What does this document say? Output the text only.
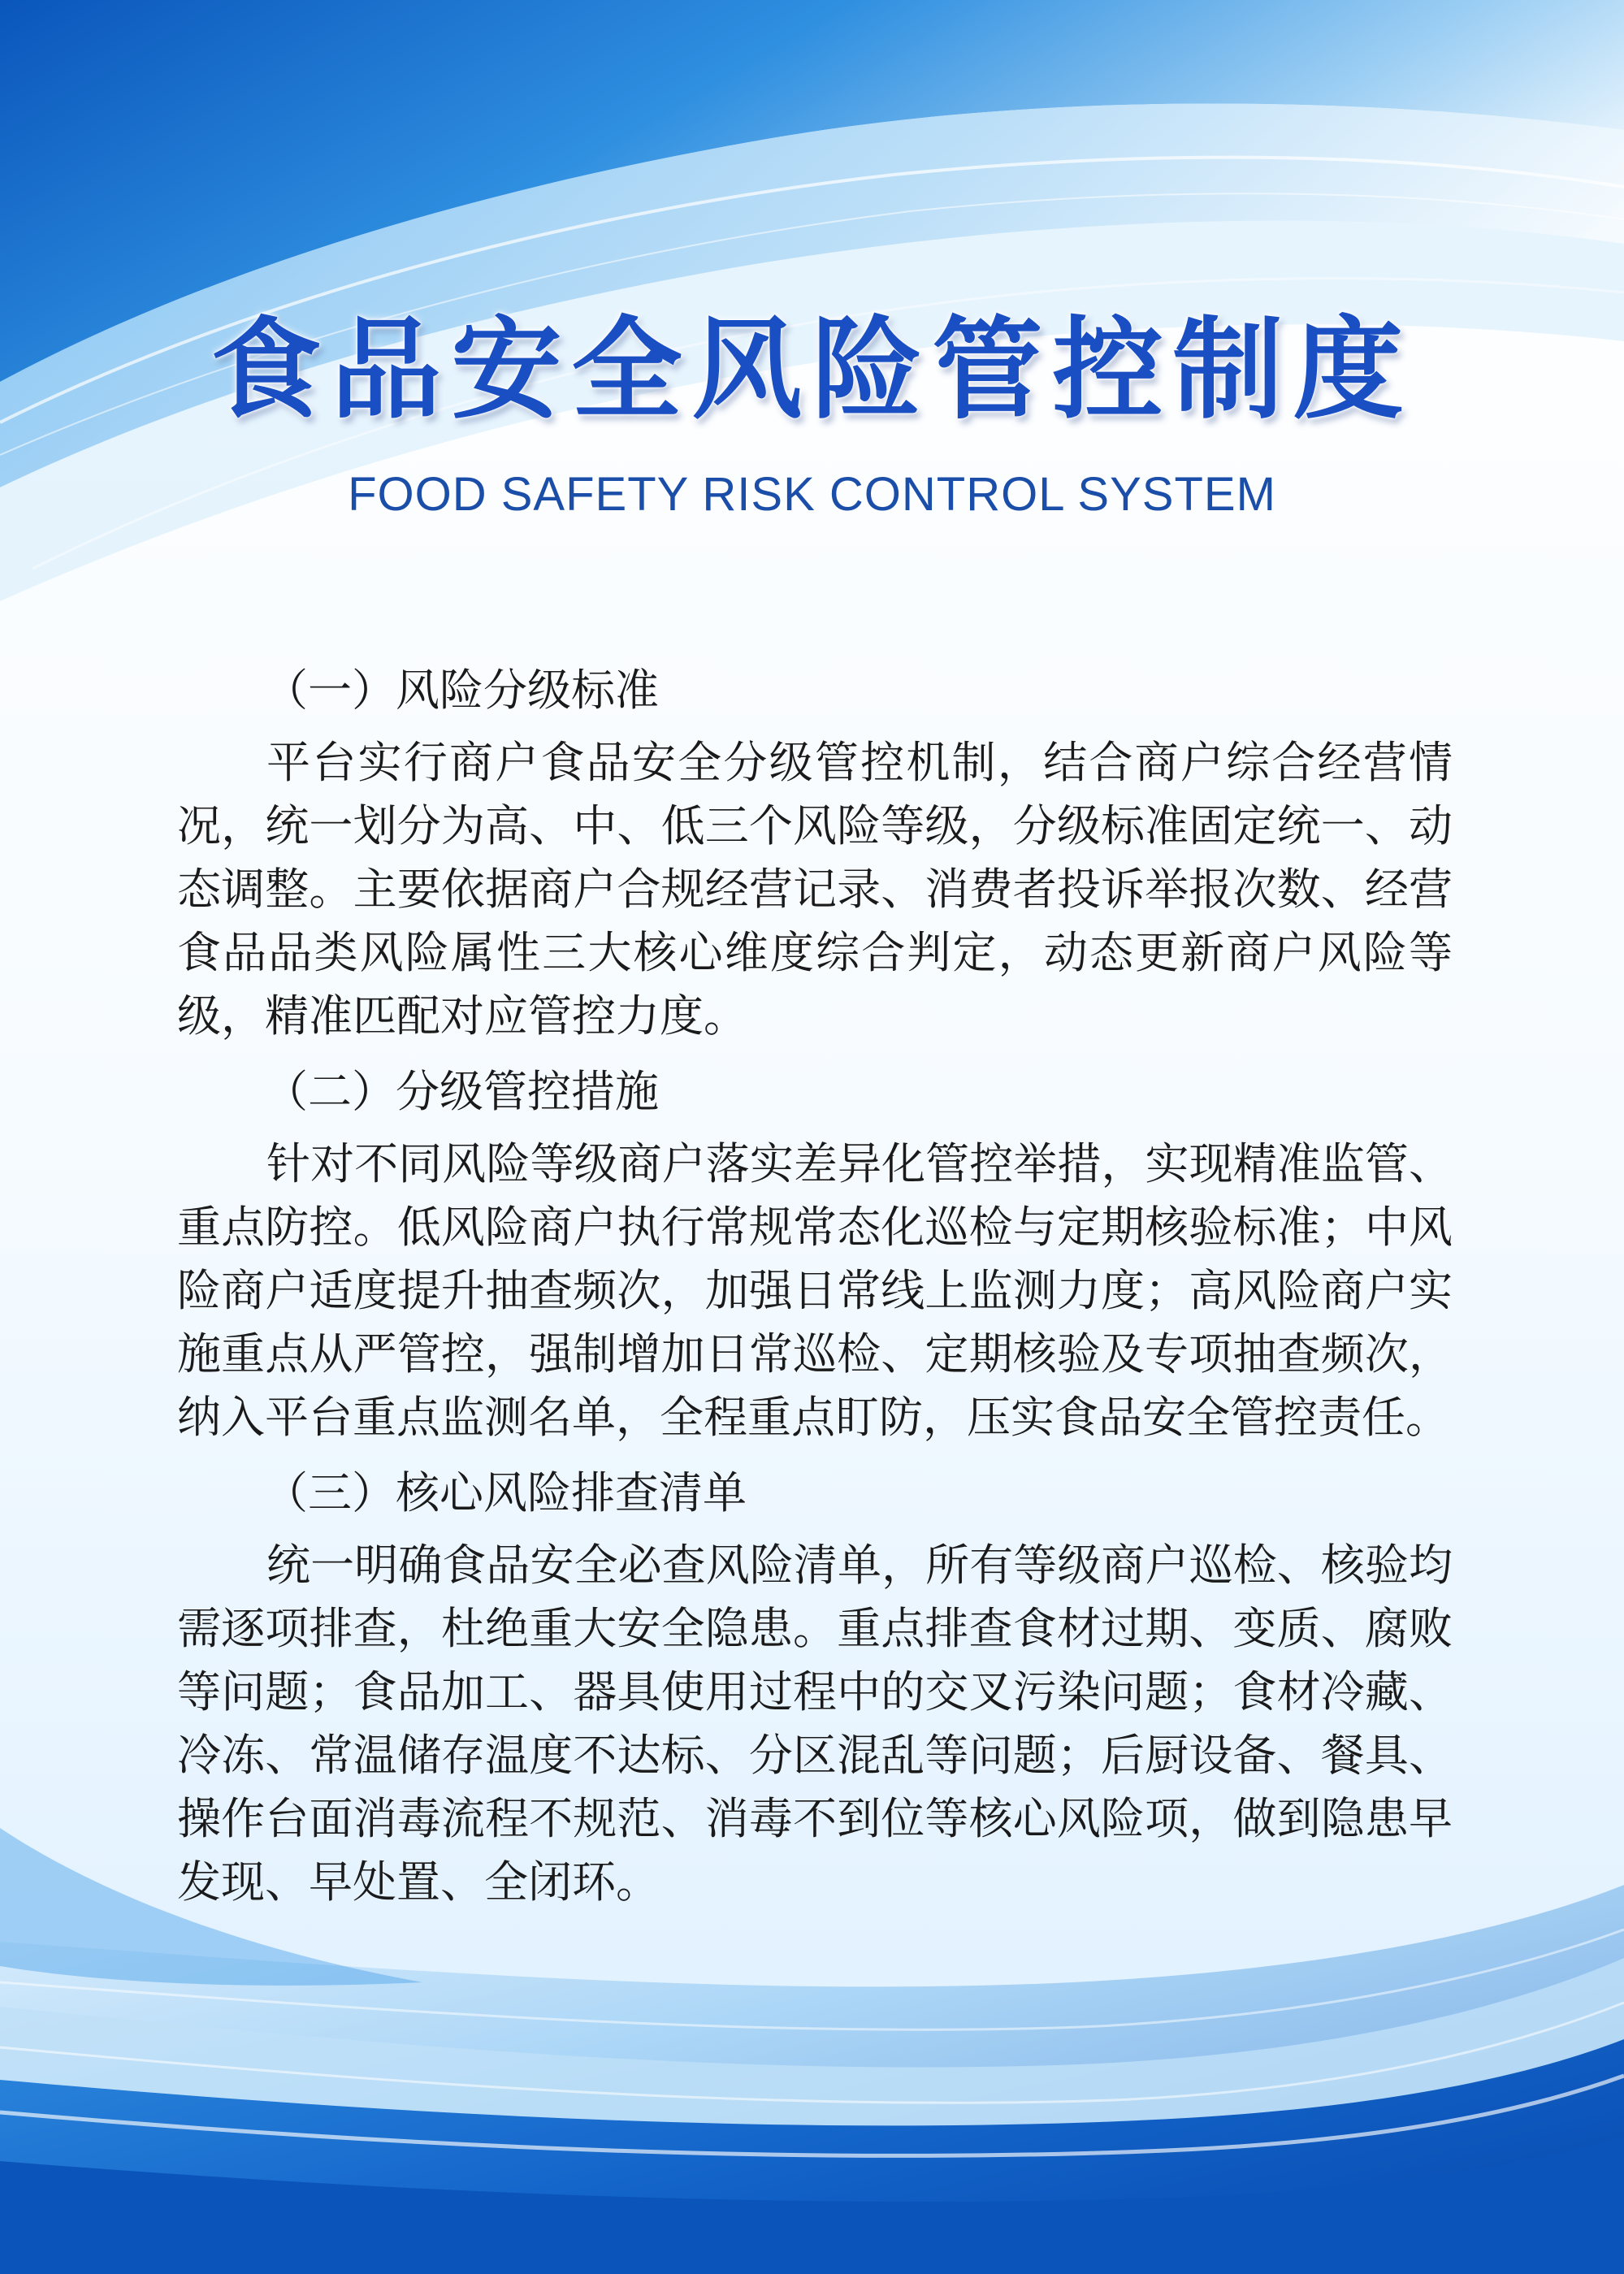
食品安全风险管控制度
FOOD SAFETY RISK CONTROL SYSTEM

（一）风险分级标准

平台实行商户食品安全分级管控机制，结合商户综合经营情况，统一划分为高、中、低三个风险等级，分级标准固定统一、动态调整。主要依据商户合规经营记录、消费者投诉举报次数、经营食品品类风险属性三大核心维度综合判定，动态更新商户风险等级，精准匹配对应管控力度。

（二）分级管控措施

针对不同风险等级商户落实差异化管控举措，实现精准监管、重点防控。低风险商户执行常规常态化巡检与定期核验标准；中风险商户适度提升抽查频次，加强日常线上监测力度；高风险商户实施重点从严管控，强制增加日常巡检、定期核验及专项抽查频次，纳入平台重点监测名单，全程重点盯防，压实食品安全管控责任。

（三）核心风险排查清单

统一明确食品安全必查风险清单，所有等级商户巡检、核验均需逐项排查，杜绝重大安全隐患。重点排查食材过期、变质、腐败等问题；食品加工、器具使用过程中的交叉污染问题；食材冷藏、冷冻、常温储存温度不达标、分区混乱等问题；后厨设备、餐具、操作台面消毒流程不规范、消毒不到位等核心风险项，做到隐患早发现、早处置、全闭环。
